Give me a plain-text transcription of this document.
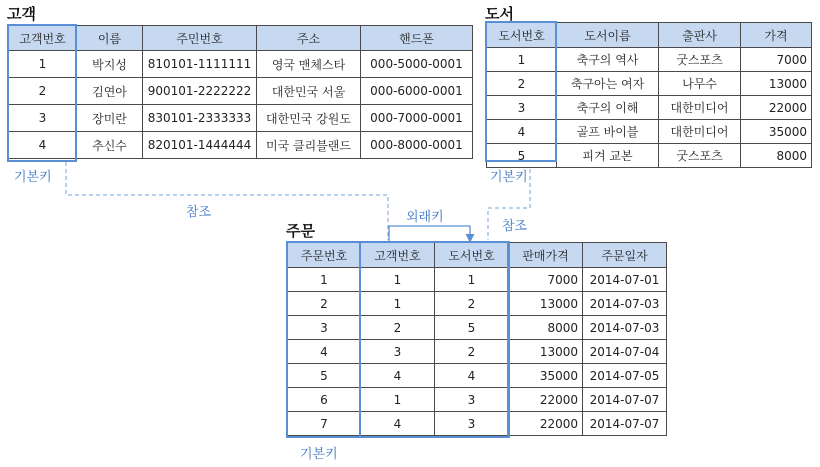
고객
고객번호	이름	주민번호	주소	핸드폰
1	박지성	810101-1111111	영국 맨체스타	000-5000-0001
2	김연아	900101-2222222	대한민국 서울	000-6000-0001
3	장미란	830101-2333333	대한민국 강원도	000-7000-0001
4	추신수	820101-1444444	미국 클리블랜드	000-8000-0001
기본키
참조
도서
도서번호	도서이름	출판사	가격
1	축구의 역사	굿스포츠	7000
2	축구아는 여자	나무수	13000
3	축구의 이해	대한미디어	22000
4	골프 바이블	대한미디어	35000
5	피겨 교본	굿스포츠	8000
기본키
참조
주문
외래키
주문번호	고객번호	도서번호	판매가격	주문일자
1	1	1	7000	2014-07-01
2	1	2	13000	2014-07-03
3	2	5	8000	2014-07-03
4	3	2	13000	2014-07-04
5	4	4	35000	2014-07-05
6	1	3	22000	2014-07-07
7	4	3	22000	2014-07-07
기본키
